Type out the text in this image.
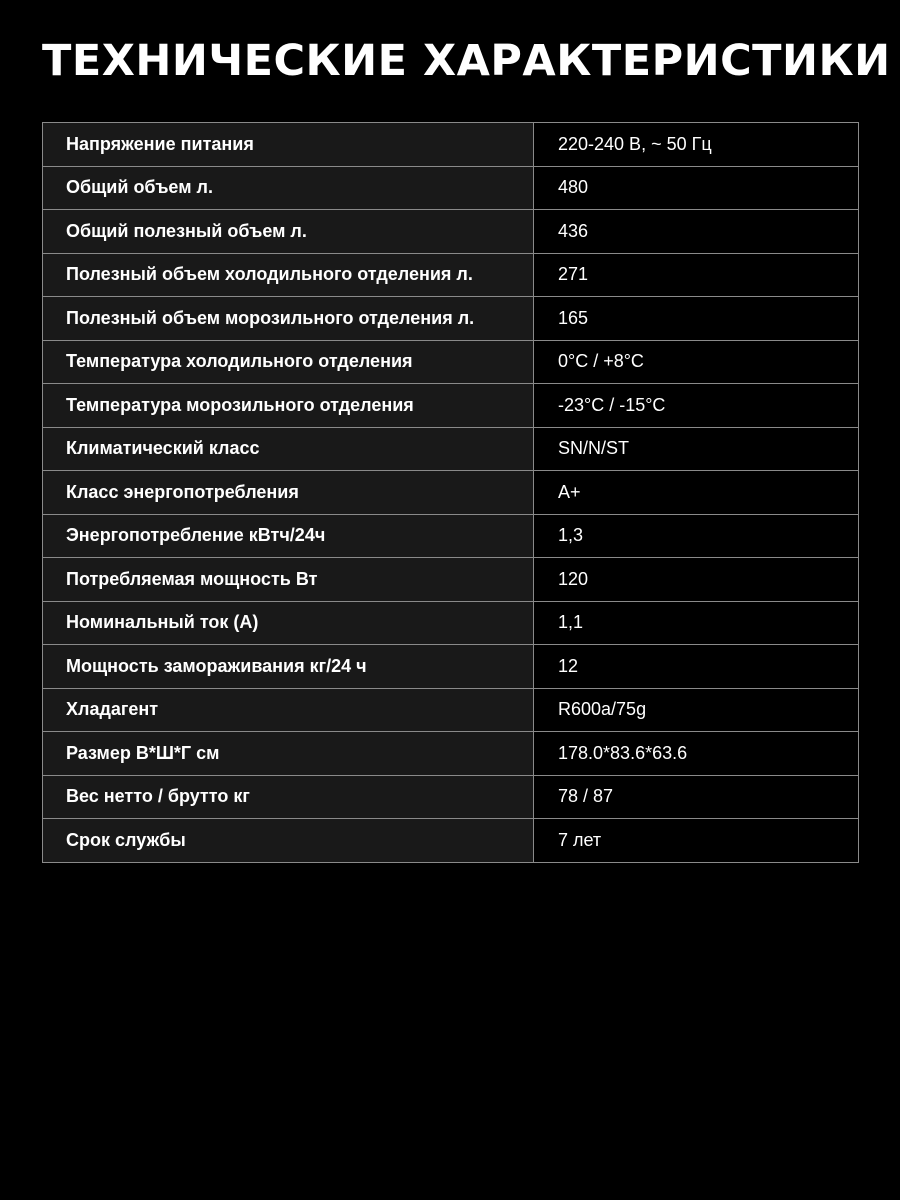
ТЕХНИЧЕСКИЕ ХАРАКТЕРИСТИКИ
Напряжение питания	220-240 В, ~ 50 Гц
Общий объем л.	480
Общий полезный объем л.	436
Полезный объем холодильного отделения л.	271
Полезный объем морозильного отделения л.	165
Температура холодильного отделения	0°C / +8°C
Температура морозильного отделения	-23°C / -15°C
Климатический класс	SN/N/ST
Класс энергопотребления	A+
Энергопотребление кВтч/24ч	1,3
Потребляемая мощность Вт	120
Номинальный ток (А)	1,1
Мощность замораживания кг/24 ч	12
Хладагент	R600a/75g
Размер В*Ш*Г см	178.0*83.6*63.6
Вес нетто / брутто кг	78 / 87
Срок службы	7 лет
